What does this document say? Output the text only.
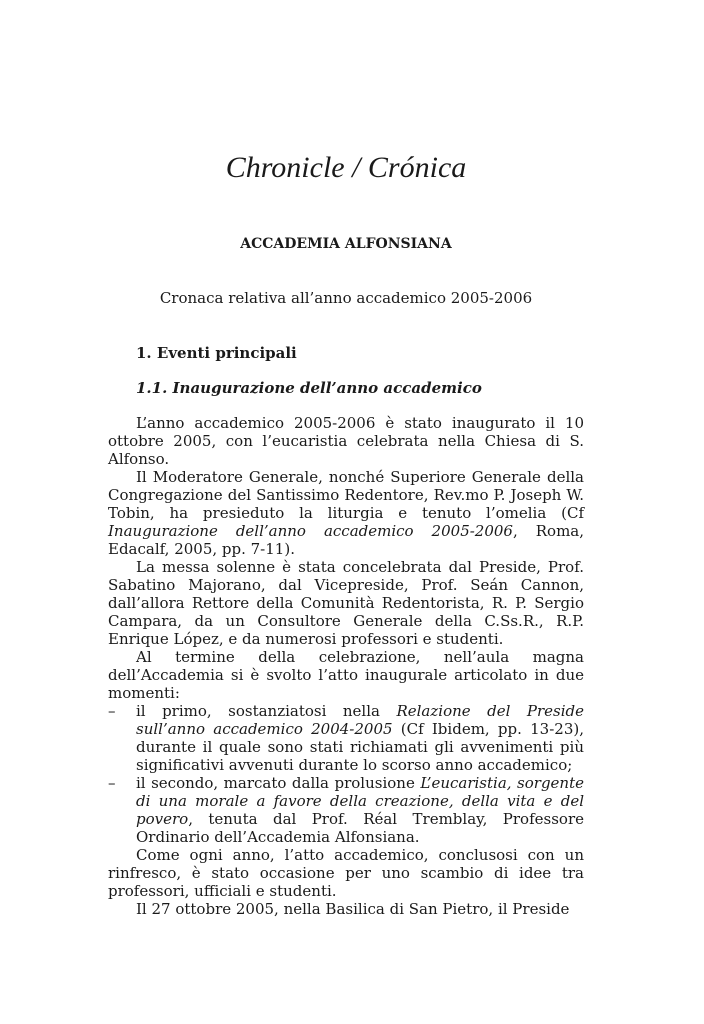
Chronicle / Crónica
ACCADEMIA ALFONSIANA
Cronaca relativa all’anno accademico 2005-2006
1. Eventi principali
1.1. Inaugurazione dell’anno accademico

L’anno accademico 2005-2006 è stato inaugurato il 10 ottobre 2005, con l’eucaristia celebrata nella Chiesa di S. Alfonso.

Il Moderatore Generale, nonché Superiore Generale della Congregazione del Santissimo Redentore, Rev.mo P. Joseph W. Tobin, ha presieduto la liturgia e tenuto l’omelia (Cf Inaugurazione dell’anno accademico 2005-2006, Roma, Edacalf, 2005, pp. 7-11).

La messa solenne è stata concelebrata dal Preside, Prof. Sabatino Majorano, dal Vicepreside, Prof. Seán Cannon, dall’allora Rettore della Comunità Redentorista, R. P. Sergio Campara, da un Consultore Generale della C.Ss.R., R.P. Enrique López, e da numerosi professori e studenti.

Al termine della celebrazione, nell’aula magna dell’Accademia si è svolto l’atto inaugurale articolato in due momenti:

– il primo, sostanziatosi nella Relazione del Preside sull’anno accademico 2004-2005 (Cf Ibidem, pp. 13-23), durante il quale sono stati richiamati gli avvenimenti più significativi avvenuti durante lo scorso anno accademico;
– il secondo, marcato dalla prolusione L’eucaristia, sorgente di una morale a favore della creazione, della vita e del povero, tenuta dal Prof. Réal Tremblay, Professore Ordinario dell’Accademia Alfonsiana.

Come ogni anno, l’atto accademico, conclusosi con un rinfresco, è stato occasione per uno scambio di idee tra professori, ufficiali e studenti.

Il 27 ottobre 2005, nella Basilica di San Pietro, il Preside
